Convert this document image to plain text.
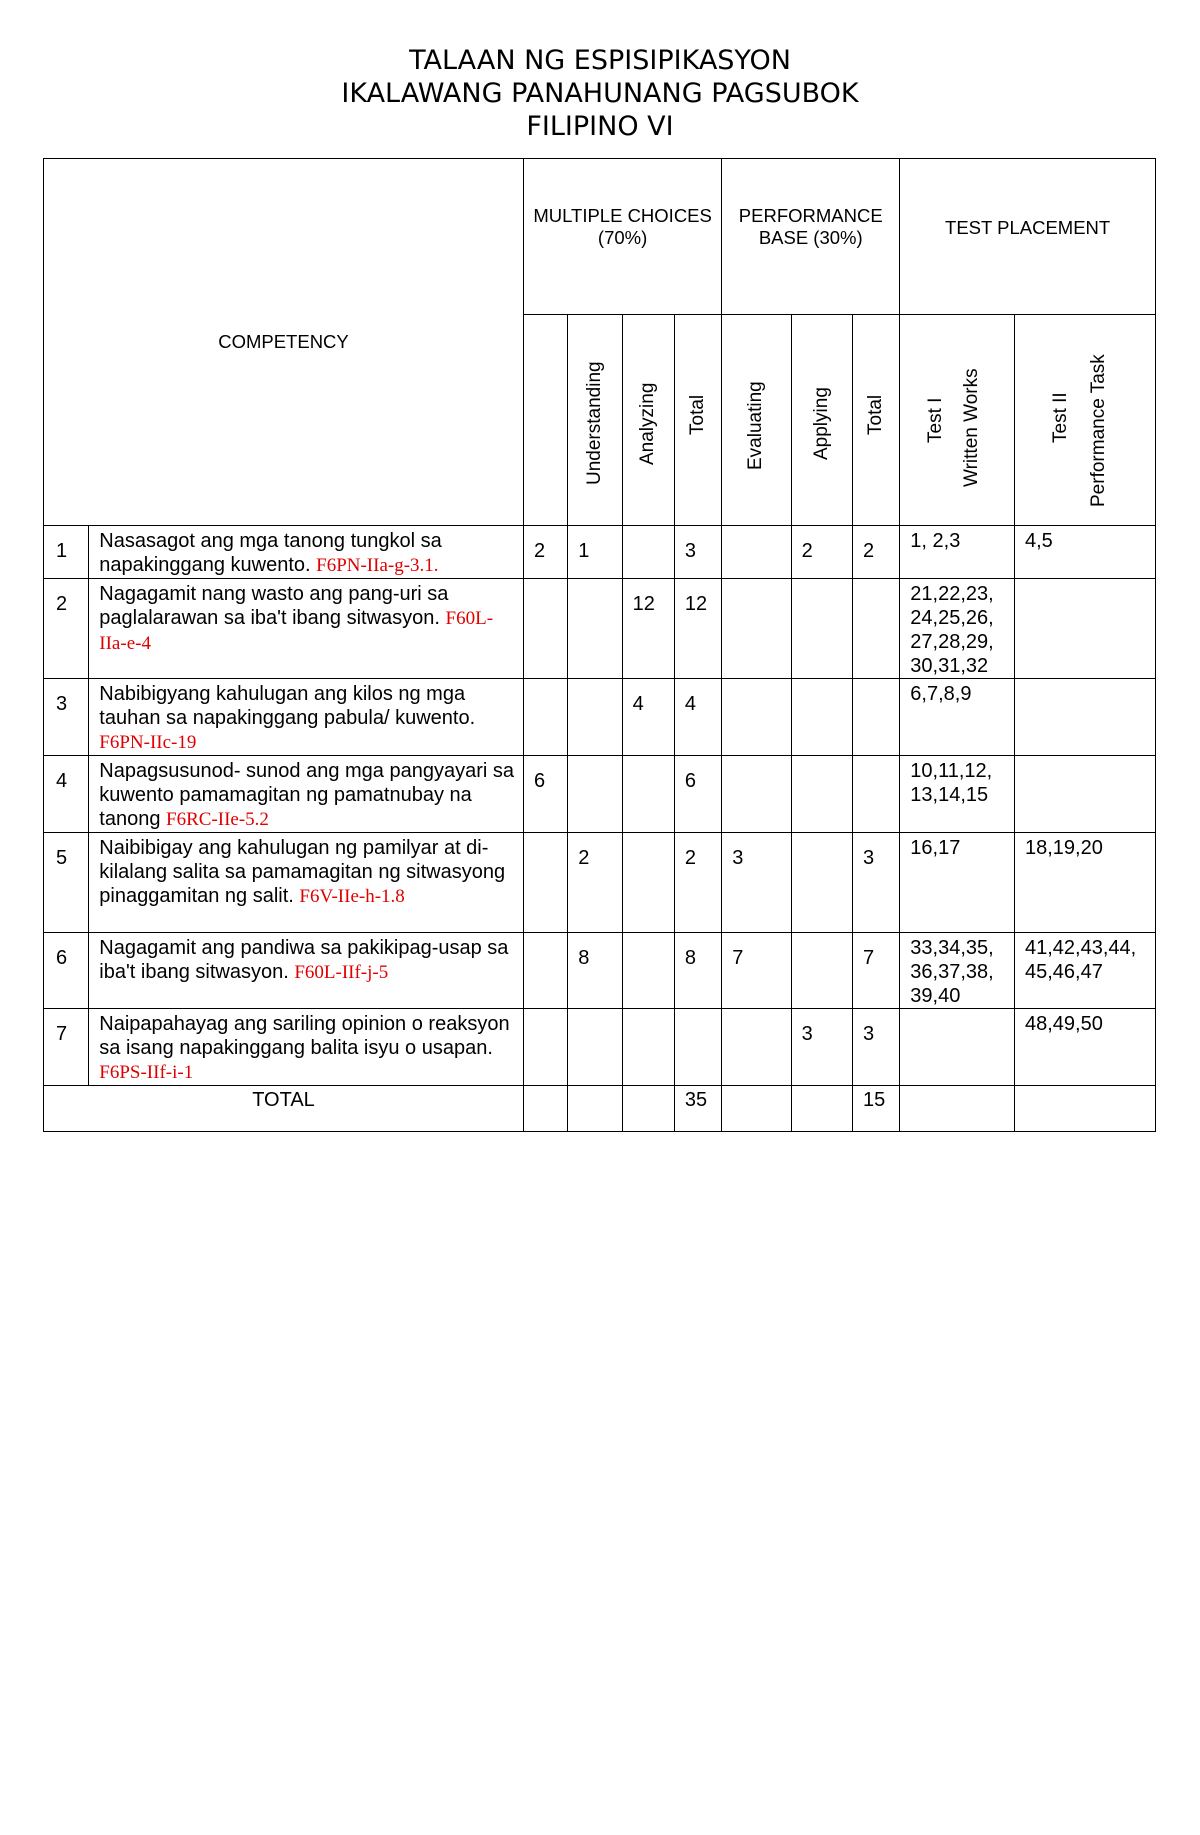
TALAAN NG ESPISIPIKASYON
IKALAWANG PANAHUNANG PAGSUBOK
FILIPINO VI
COMPETENCY		MULTIPLE CHOICES (70%)				PERFORMANCE BASE (30%)			TEST PLACEMENT	

			Understanding	Analyzing	Total	Evaluating	Applying	Total	Test I Written Works	Test II Performance Task

1	Nasasagot ang mga tanong tungkol sa napakinggang kuwento. F6PN-IIa-g-3.1.	2	1		3		2	2	1, 2,3	4,5
2	Nagagamit nang wasto ang pang-uri sa paglalarawan sa iba't ibang sitwasyon. F60L-IIa-e-4			12	12				21,22,23, 24,25,26, 27,28,29, 30,31,32	
3	Nabibigyang kahulugan ang kilos ng mga tauhan sa napakinggang pabula/ kuwento. F6PN-IIc-19			4	4				6,7,8,9	
4	Napagsusunod- sunod ang mga pangyayari sa kuwento pamamagitan ng pamatnubay na tanong F6RC-IIe-5.2	6			6				10,11,12, 13,14,15	
5	Naibibigay ang kahulugan ng pamilyar at di-kilalang salita sa pamamagitan ng sitwasyong pinaggamitan ng salit. F6V-IIe-h-1.8		2		2	3		3	16,17	18,19,20
6	Nagagamit ang pandiwa sa pakikipag-usap sa iba't ibang sitwasyon. F60L-IIf-j-5		8		8	7		7	33,34,35, 36,37,38, 39,40	41,42,43,44, 45,46,47
7	Naipapahayag ang sariling opinion o reaksyon sa isang napakinggang balita isyu o usapan. F6PS-IIf-i-1						3	3		48,49,50
TOTAL					35			15		
